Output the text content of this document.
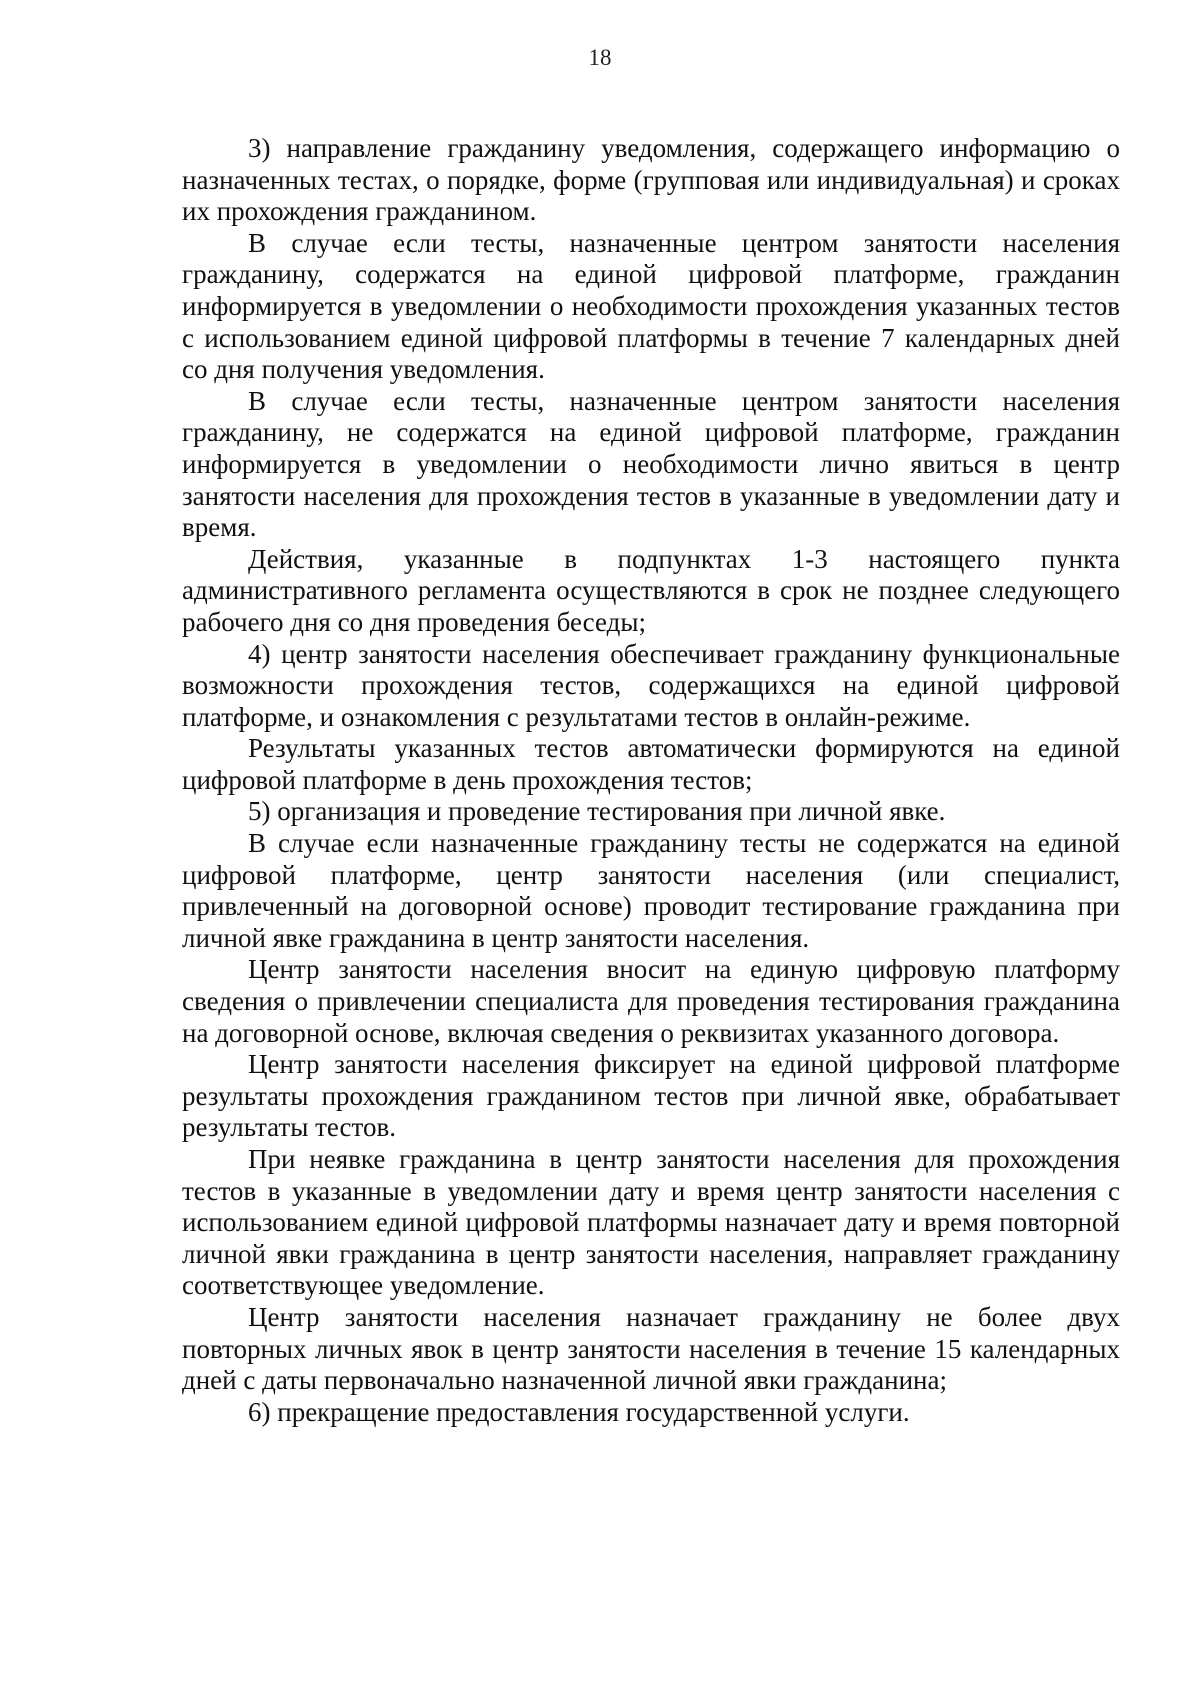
18

3) направление гражданину уведомления, содержащего информацию о назначенных тестах, о порядке, форме (групповая или индивидуальная) и сроках их прохождения гражданином.

В случае если тесты, назначенные центром занятости населения гражданину, содержатся на единой цифровой платформе, гражданин информируется в уведомлении о необходимости прохождения указанных тестов с использованием единой цифровой платформы в течение 7 календарных дней со дня получения уведомления.

В случае если тесты, назначенные центром занятости населения гражданину, не содержатся на единой цифровой платформе, гражданин информируется в уведомлении о необходимости лично явиться в центр занятости населения для прохождения тестов в указанные в уведомлении дату и время.

Действия, указанные в подпунктах 1-3 настоящего пункта административного регламента осуществляются в срок не позднее следующего рабочего дня со дня проведения беседы;

4) центр занятости населения обеспечивает гражданину функциональные возможности прохождения тестов, содержащихся на единой цифровой платформе, и ознакомления с результатами тестов в онлайн-режиме.

Результаты указанных тестов автоматически формируются на единой цифровой платформе в день прохождения тестов;

5) организация и проведение тестирования при личной явке.

В случае если назначенные гражданину тесты не содержатся на единой цифровой платформе, центр занятости населения (или специалист, привлеченный на договорной основе) проводит тестирование гражданина при личной явке гражданина в центр занятости населения.

Центр занятости населения вносит на единую цифровую платформу сведения о привлечении специалиста для проведения тестирования гражданина на договорной основе, включая сведения о реквизитах указанного договора.

Центр занятости населения фиксирует на единой цифровой платформе результаты прохождения гражданином тестов при личной явке, обрабатывает результаты тестов.

При неявке гражданина в центр занятости населения для прохождения тестов в указанные в уведомлении дату и время центр занятости населения с использованием единой цифровой платформы назначает дату и время повторной личной явки гражданина в центр занятости населения, направляет гражданину соответствующее уведомление.

Центр занятости населения назначает гражданину не более двух повторных личных явок в центр занятости населения в течение 15 календарных дней с даты первоначально назначенной личной явки гражданина;

6) прекращение предоставления государственной услуги.
